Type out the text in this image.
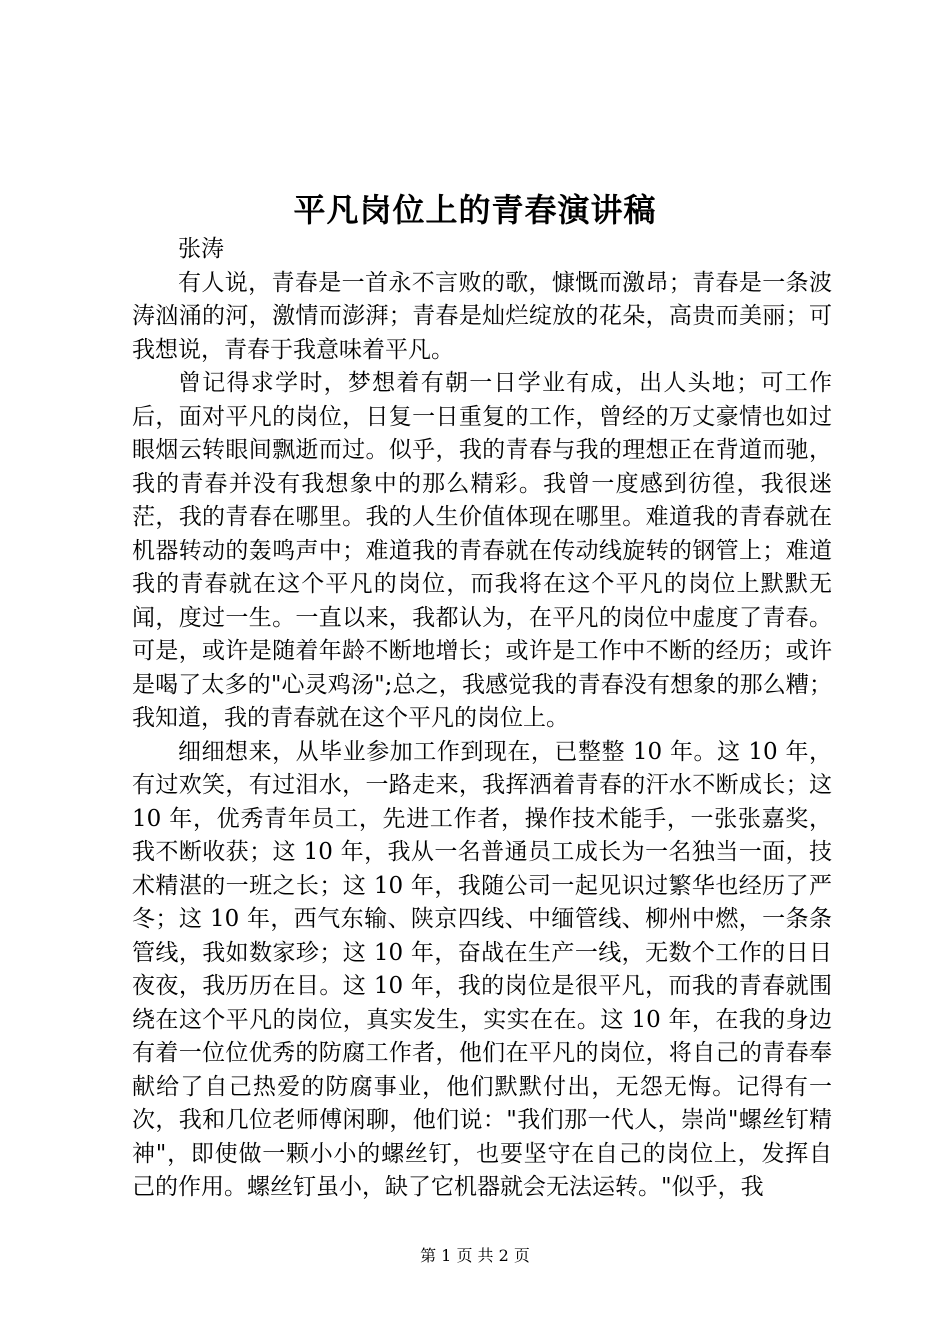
平凡岗位上的青春演讲稿

张涛

有人说，青春是一首永不言败的歌，慷慨而激昂；青春是一条波涛汹涌的河，激情而澎湃；青春是灿烂绽放的花朵，高贵而美丽；可我想说，青春于我意味着平凡。

曾记得求学时，梦想着有朝一日学业有成，出人头地；可工作后，面对平凡的岗位，日复一日重复的工作，曾经的万丈豪情也如过眼烟云转眼间飘逝而过。似乎，我的青春与我的理想正在背道而驰，我的青春并没有我想象中的那么精彩。我曾一度感到彷徨，我很迷茫，我的青春在哪里。我的人生价值体现在哪里。难道我的青春就在机器转动的轰鸣声中；难道我的青春就在传动线旋转的钢管上；难道我的青春就在这个平凡的岗位，而我将在这个平凡的岗位上默默无闻，度过一生。一直以来，我都认为，在平凡的岗位中虚度了青春。可是，或许是随着年龄不断地增长；或许是工作中不断的经历；或许是喝了太多的"心灵鸡汤";总之，我感觉我的青春没有想象的那么糟；我知道，我的青春就在这个平凡的岗位上。

细细想来，从毕业参加工作到现在，已整整 10 年。这 10 年，有过欢笑，有过泪水，一路走来，我挥洒着青春的汗水不断成长；这 10 年，优秀青年员工，先进工作者，操作技术能手，一张张嘉奖，我不断收获；这 10 年，我从一名普通员工成长为一名独当一面，技术精湛的一班之长；这 10 年，我随公司一起见识过繁华也经历了严冬；这 10 年，西气东输、陕京四线、中缅管线、柳州中燃，一条条管线，我如数家珍；这 10 年，奋战在生产一线，无数个工作的日日夜夜，我历历在目。这 10 年，我的岗位是很平凡，而我的青春就围绕在这个平凡的岗位，真实发生，实实在在。这 10 年，在我的身边有着一位位优秀的防腐工作者，他们在平凡的岗位，将自己的青春奉献给了自己热爱的防腐事业，他们默默付出，无怨无悔。记得有一次，我和几位老师傅闲聊，他们说："我们那一代人，崇尚"螺丝钉精神"，即使做一颗小小的螺丝钉，也要坚守在自己的岗位上，发挥自己的作用。螺丝钉虽小，缺了它机器就会无法运转。"似乎，我

第 1 页 共 2 页
